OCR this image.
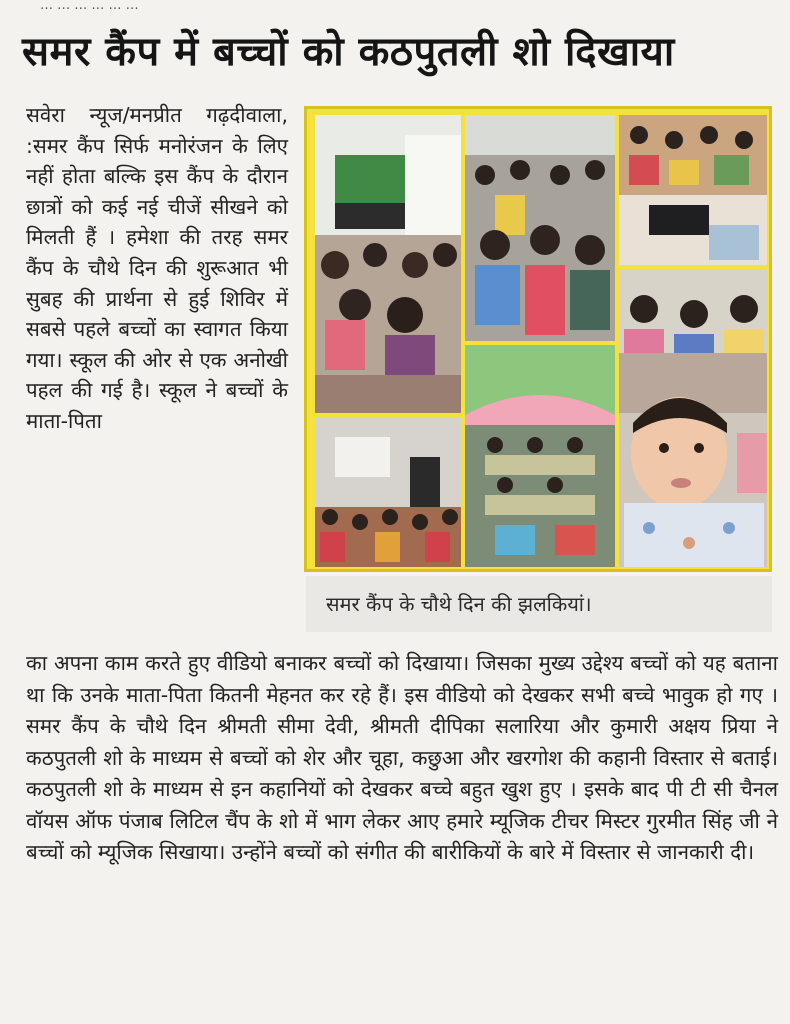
… … … … … …
समर कैंप में बच्चों को कठपुतली शो दिखाया

सवेरा न्यूज/मनप्रीत गढ़दीवाला, :समर कैंप सिर्फ मनोरंजन के लिए नहीं होता बल्कि इस कैंप के दौरान छात्रों को कई नई चीजें सीखने को मिलती हैं । हमेशा की तरह समर कैंप के चौथे दिन की शुरूआत भी सुबह की प्रार्थना से हुई शिविर में सबसे पहले बच्चों का स्वागत किया गया। स्कूल की ओर से एक अनोखी पहल की गई है। स्कूल ने बच्चों के माता-पिता

समर कैंप के चौथे दिन की झलकियां।

का अपना काम करते हुए वीडियो बनाकर बच्चों को दिखाया। जिसका मुख्य उद्देश्य बच्चों को यह बताना था कि उनके माता-पिता कितनी मेहनत कर रहे हैं। इस वीडियो को देखकर सभी बच्चे भावुक हो गए । समर कैंप के चौथे दिन श्रीमती सीमा देवी, श्रीमती दीपिका सलारिया और कुमारी अक्षय प्रिया ने कठपुतली शो के माध्यम से बच्चों को शेर और चूहा, कछुआ और खरगोश की कहानी विस्तार से बताई। कठपुतली शो के माध्यम से इन कहानियों को देखकर बच्चे बहुत खुश हुए । इसके बाद पी टी सी चैनल वॉयस ऑफ पंजाब लिटिल चैंप के शो में भाग लेकर आए हमारे म्यूजिक टीचर मिस्टर गुरमीत सिंह जी ने बच्चों को म्यूजिक सिखाया। उन्होंने बच्चों को संगीत की बारीकियों के बारे में विस्तार से जानकारी दी।
